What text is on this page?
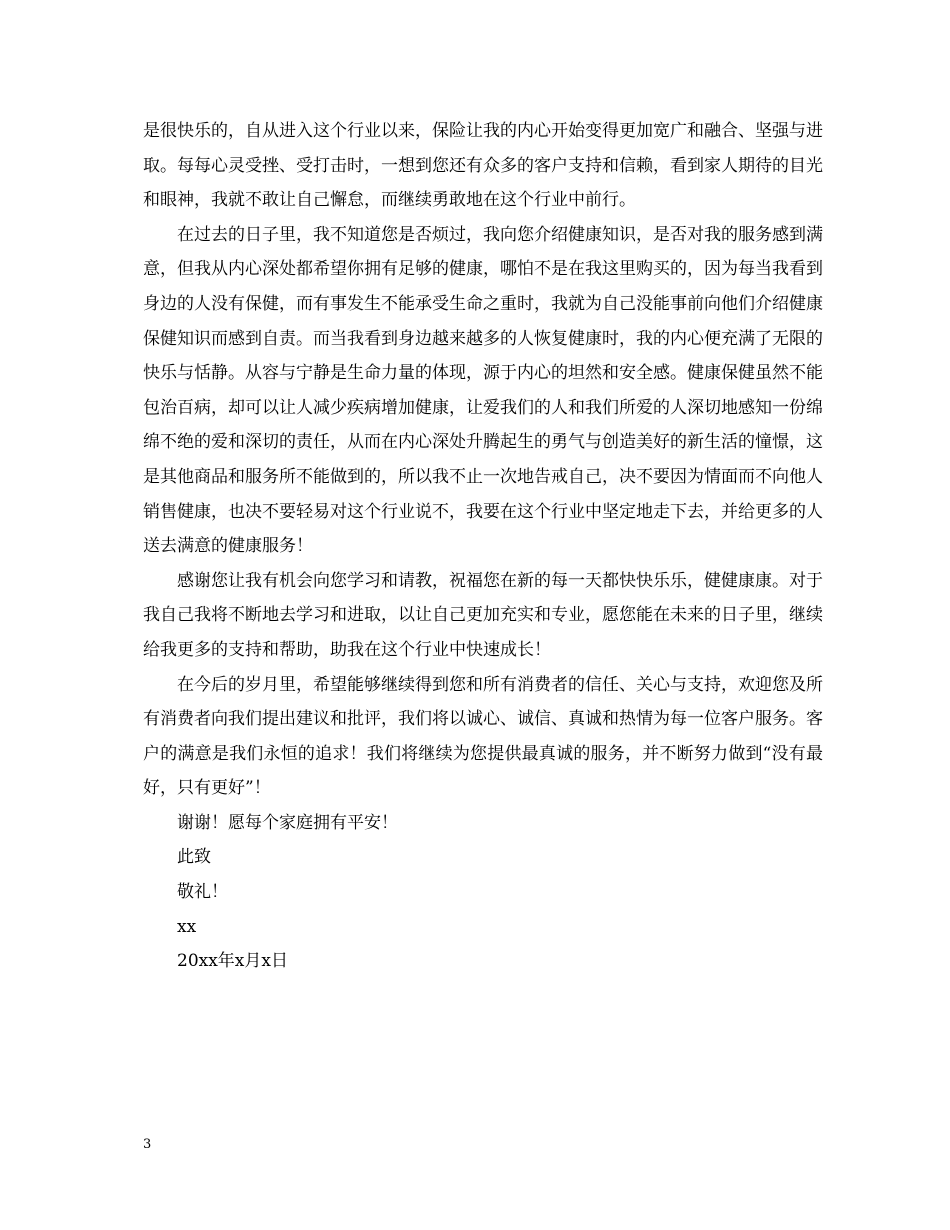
是很快乐的，自从进入这个行业以来，保险让我的内心开始变得更加宽广和融合、坚强与进取。每每心灵受挫、受打击时，一想到您还有众多的客户支持和信赖，看到家人期待的目光和眼神，我就不敢让自己懈怠，而继续勇敢地在这个行业中前行。

在过去的日子里，我不知道您是否烦过，我向您介绍健康知识，是否对我的服务感到满意，但我从内心深处都希望你拥有足够的健康，哪怕不是在我这里购买的，因为每当我看到身边的人没有保健，而有事发生不能承受生命之重时，我就为自己没能事前向他们介绍健康保健知识而感到自责。而当我看到身边越来越多的人恢复健康时，我的内心便充满了无限的快乐与恬静。从容与宁静是生命力量的体现，源于内心的坦然和安全感。健康保健虽然不能包治百病，却可以让人减少疾病增加健康，让爱我们的人和我们所爱的人深切地感知一份绵绵不绝的爱和深切的责任，从而在内心深处升腾起生的勇气与创造美好的新生活的憧憬，这是其他商品和服务所不能做到的，所以我不止一次地告戒自己，决不要因为情面而不向他人销售健康，也决不要轻易对这个行业说不，我要在这个行业中坚定地走下去，并给更多的人送去满意的健康服务！

感谢您让我有机会向您学习和请教，祝福您在新的每一天都快快乐乐，健健康康。对于我自己我将不断地去学习和进取，以让自己更加充实和专业，愿您能在未来的日子里，继续给我更多的支持和帮助，助我在这个行业中快速成长！

在今后的岁月里，希望能够继续得到您和所有消费者的信任、关心与支持，欢迎您及所有消费者向我们提出建议和批评，我们将以诚心、诚信、真诚和热情为每一位客户服务。客户的满意是我们永恒的追求！我们将继续为您提供最真诚的服务，并不断努力做到“没有最好，只有更好”！

谢谢！愿每个家庭拥有平安！

此致

敬礼！

xx

20xx年x月x日

3
